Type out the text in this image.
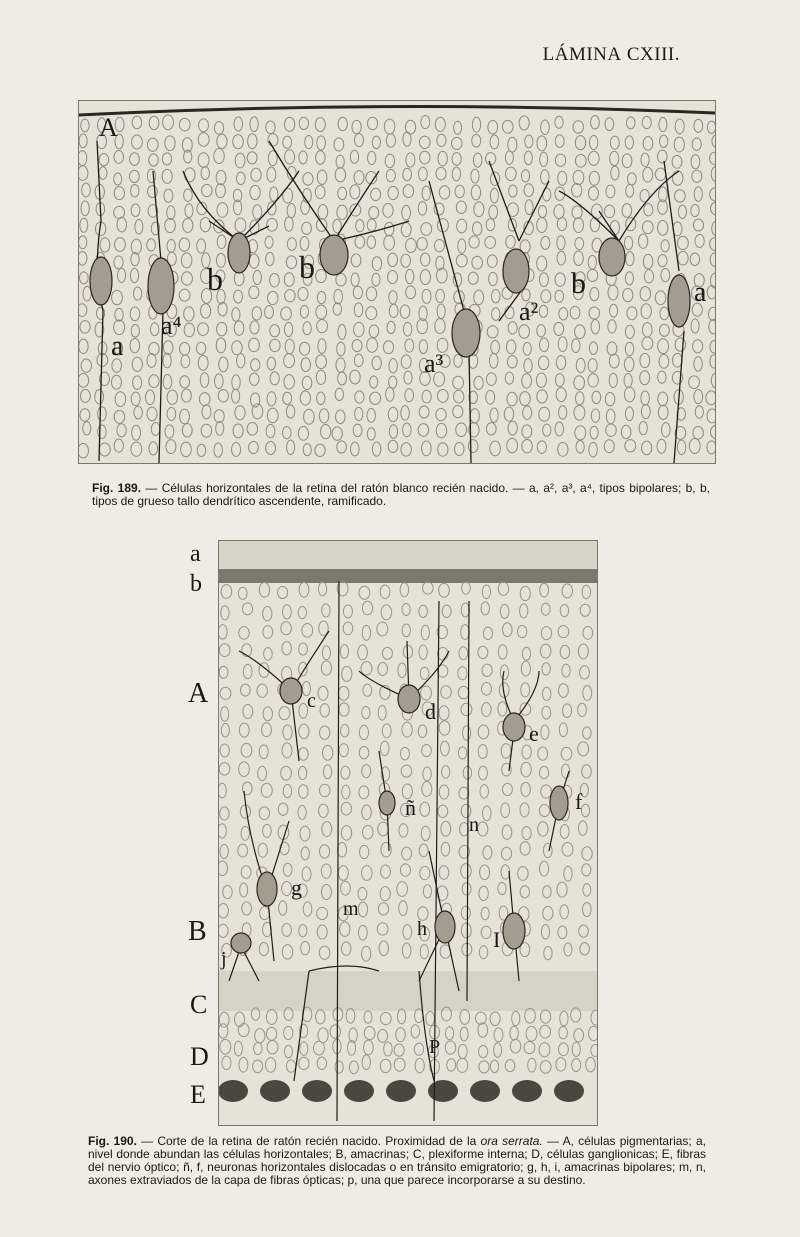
LÁMINA CXIII.
A
a
a⁴
b b
a³
a²
b	a
Fig. 189. — Células horizontales de la retina del ratón blanco recién nacido. — a, a², a³, a⁴, tipos bipolares; b, b, tipos de grueso tallo dendrítico ascendente, ramificado.
c	d
e
ñ
n
f
g
m
h	I
j
P
a
b
A
B
C
D
E
Fig. 190. — Corte de la retina de ratón recién nacido. Proximidad de la ora serrata. — A, células pigmentarias; a, nivel donde abundan las células horizontales; B, amacrinas; C, plexiforme interna; D, células ganglionicas; E, fibras del nervio óptico; ñ, f, neuronas horizontales dislocadas o en tránsito emigratorio; g, h, i, amacrinas bipolares; m, n, axones extraviados de la capa de fibras ópticas; p, una que parece incorporarse a su destino.
